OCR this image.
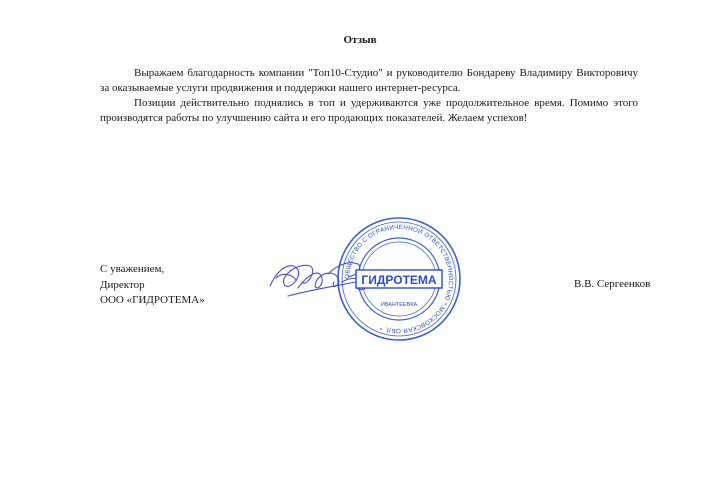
Отзыв

Выражаем благодарность компании "Топ10-Студио" и руководителю Бондареву Владимиру Викторовичу за оказываемые услуги продвижения и поддержки нашего интернет-ресурса.

Позиции действительно поднялись в топ и удерживаются уже продолжительное время. Помимо этого производятся работы по улучшению сайта и его продающих показателей. Желаем успехов!

С уважением,
Директор
ООО «ГИДРОТЕМА»
В.В. Сергеенков
ОБЩЕСТВО С ОГРАНИЧЕННОЙ ОТВЕТСТВЕННОСТЬЮ * МОСКОВСКАЯ ОБЛ. *
ГИДРОТЕМА
ИВАНТЕЕВКА
